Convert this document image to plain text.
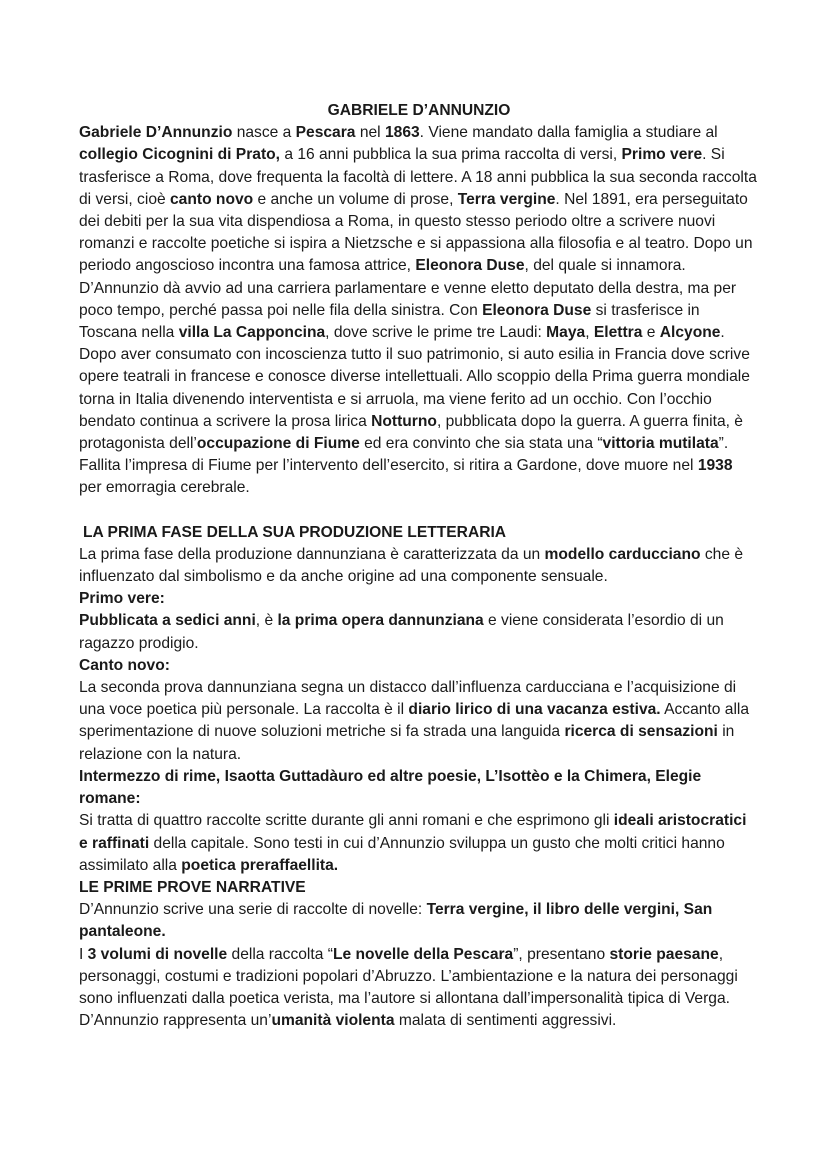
GABRIELE D’ANNUNZIO

Gabriele D’Annunzio nasce a Pescara nel 1863. Viene mandato dalla famiglia a studiare al collegio Cicognini di Prato, a 16 anni pubblica la sua prima raccolta di versi, Primo vere. Si trasferisce a Roma, dove frequenta la facoltà di lettere. A 18 anni pubblica la sua seconda raccolta di versi, cioè canto novo e anche un volume di prose, Terra vergine. Nel 1891, era perseguitato dei debiti per la sua vita dispendiosa a Roma, in questo stesso periodo oltre a scrivere nuovi romanzi e raccolte poetiche si ispira a Nietzsche e si appassiona alla filosofia e al teatro. Dopo un periodo angoscioso incontra una famosa attrice, Eleonora Duse, del quale si innamora. D’Annunzio dà avvio ad una carriera parlamentare e venne eletto deputato della destra, ma per poco tempo, perché passa poi nelle fila della sinistra. Con Eleonora Duse si trasferisce in Toscana nella villa La Capponcina, dove scrive le prime tre Laudi: Maya, Elettra e Alcyone. Dopo aver consumato con incoscienza tutto il suo patrimonio, si auto esilia in Francia dove scrive opere teatrali in francese e conosce diverse intellettuali. Allo scoppio della Prima guerra mondiale torna in Italia divenendo interventista e si arruola, ma viene ferito ad un occhio. Con l’occhio bendato continua a scrivere la prosa lirica Notturno, pubblicata dopo la guerra. A guerra finita, è protagonista dell’occupazione di Fiume ed era convinto che sia stata una “vittoria mutilata”. Fallita l’impresa di Fiume per l’intervento dell’esercito, si ritira a Gardone, dove muore nel 1938 per emorragia cerebrale.

LA PRIMA FASE DELLA SUA PRODUZIONE LETTERARIA

La prima fase della produzione dannunziana è caratterizzata da un modello carducciano che è influenzato dal simbolismo e da anche origine ad una componente sensuale.

Primo vere:

Pubblicata a sedici anni, è la prima opera dannunziana e viene considerata l’esordio di un ragazzo prodigio.

Canto novo:

La seconda prova dannunziana segna un distacco dall’influenza carducciana e l’acquisizione di una voce poetica più personale. La raccolta è il diario lirico di una vacanza estiva. Accanto alla sperimentazione di nuove soluzioni metriche si fa strada una languida ricerca di sensazioni in relazione con la natura.

Intermezzo di rime, Isaotta Guttadàuro ed altre poesie, L’Isottèo e la Chimera, Elegie romane:

Si tratta di quattro raccolte scritte durante gli anni romani e che esprimono gli ideali aristocratici e raffinati della capitale. Sono testi in cui d’Annunzio sviluppa un gusto che molti critici hanno assimilato alla poetica preraffaellita.

LE PRIME PROVE NARRATIVE

D’Annunzio scrive una serie di raccolte di novelle: Terra vergine, il libro delle vergini, San pantaleone.

I 3 volumi di novelle della raccolta “Le novelle della Pescara”, presentano storie paesane, personaggi, costumi e tradizioni popolari d’Abruzzo. L’ambientazione e la natura dei personaggi sono influenzati dalla poetica verista, ma l’autore si allontana dall’impersonalità tipica di Verga. D’Annunzio rappresenta un’umanità violenta malata di sentimenti aggressivi.
